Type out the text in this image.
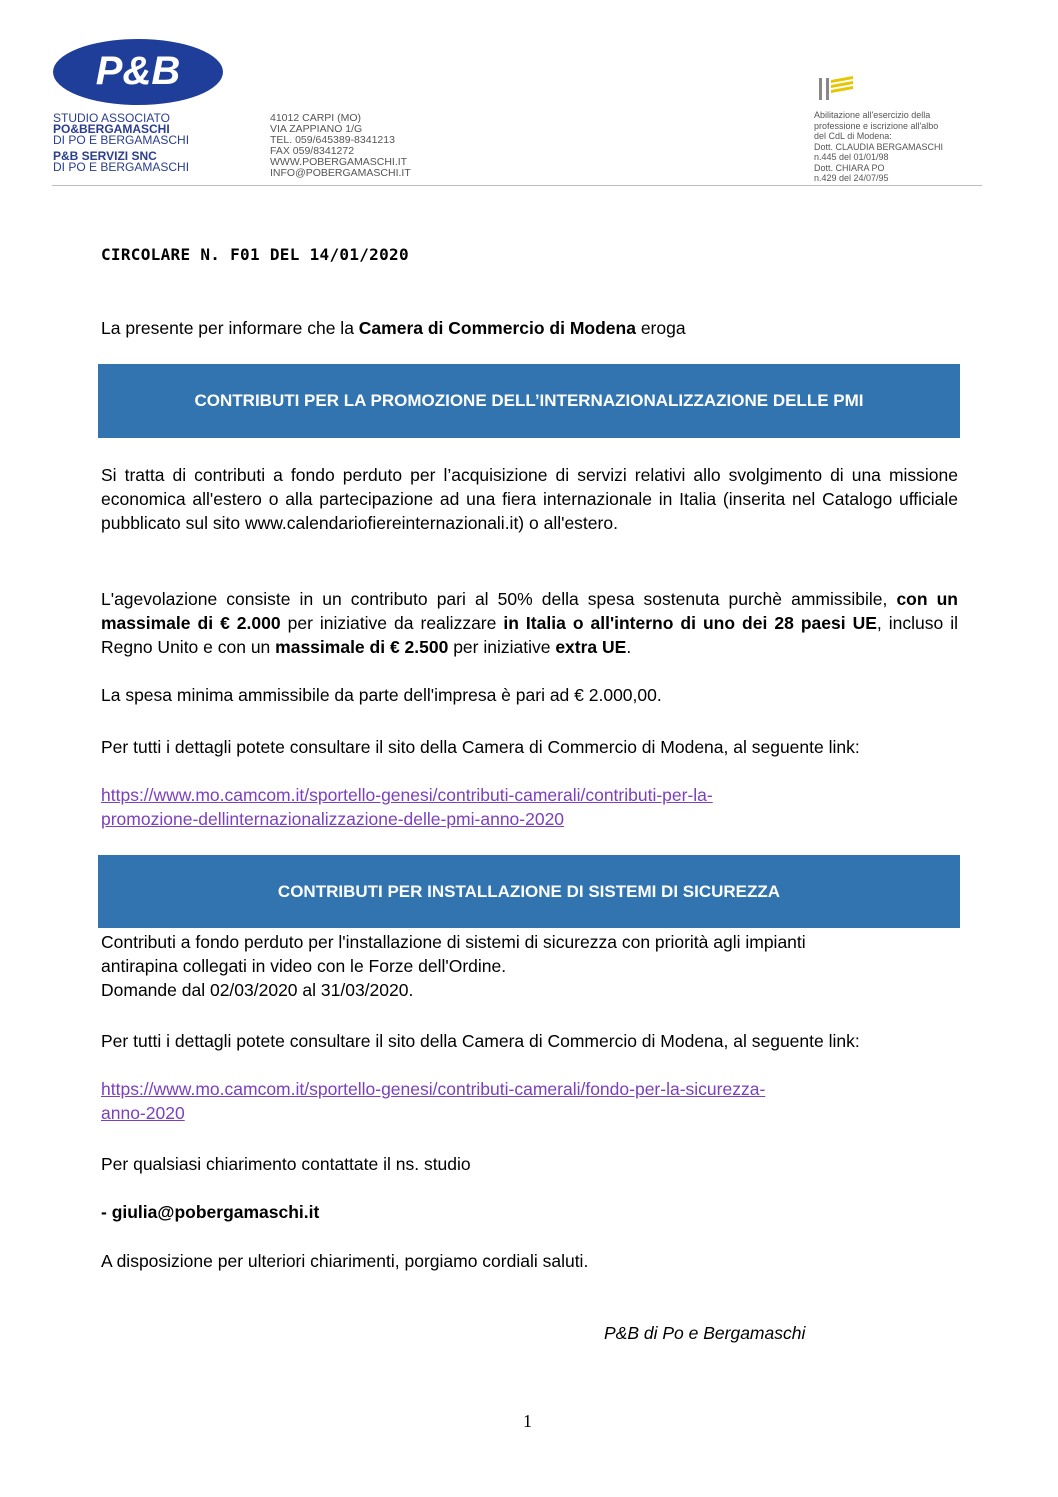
P&B
STUDIO ASSOCIATO
PO&BERGAMASCHI
DI PO E BERGAMASCHI
P&B SERVIZI SNC
DI PO E BERGAMASCHI
41012 CARPI (MO)
VIA ZAPPIANO 1/G
TEL. 059/645389-8341213
FAX 059/8341272
WWW.POBERGAMASCHI.IT
INFO@POBERGAMASCHI.IT
Abilitazione all'esercizio della
professione e iscrizione all'albo
del CdL di Modena:
Dott. CLAUDIA BERGAMASCHI
n.445 del 01/01/98
Dott. CHIARA PO
n.429 del 24/07/95
CIRCOLARE N. F01 DEL 14/01/2020
La presente per informare che la Camera di Commercio di Modena eroga
CONTRIBUTI PER LA PROMOZIONE DELL’INTERNAZIONALIZZAZIONE DELLE PMI
Si tratta di contributi a fondo perduto per l’acquisizione di servizi relativi allo svolgimento di una missione economica all'estero o alla partecipazione ad una fiera internazionale in Italia (inserita nel Catalogo ufficiale pubblicato sul sito www.calendariofiereinternazionali.it) o all'estero.
L'agevolazione consiste in un contributo pari al 50% della spesa sostenuta purchè ammissibile, con un massimale di € 2.000 per iniziative da realizzare in Italia o all'interno di uno dei 28 paesi UE, incluso il Regno Unito e con un massimale di € 2.500 per iniziative extra UE.
La spesa minima ammissibile da parte dell'impresa è pari ad € 2.000,00.
Per tutti i dettagli potete consultare il sito della Camera di Commercio di Modena, al seguente link:
https://www.mo.camcom.it/sportello-genesi/contributi-camerali/contributi-per-la-
promozione-dellinternazionalizzazione-delle-pmi-anno-2020
CONTRIBUTI PER INSTALLAZIONE DI SISTEMI DI SICUREZZA
Contributi a fondo perduto per l'installazione di sistemi di sicurezza con priorità agli impianti
antirapina collegati in video con le Forze dell'Ordine.
Domande dal 02/03/2020 al 31/03/2020.
Per tutti i dettagli potete consultare il sito della Camera di Commercio di Modena, al seguente link:
https://www.mo.camcom.it/sportello-genesi/contributi-camerali/fondo-per-la-sicurezza-
anno-2020
Per qualsiasi chiarimento contattate il ns. studio
- giulia@pobergamaschi.it
A disposizione per ulteriori chiarimenti, porgiamo cordiali saluti.
P&B di Po e Bergamaschi
1
